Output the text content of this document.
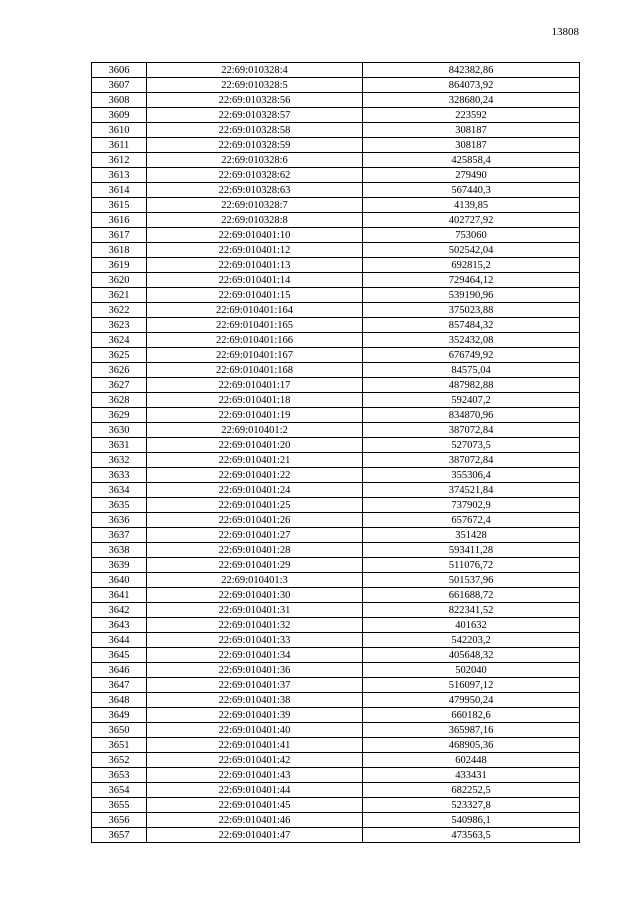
13808
3606	22:69:010328:4	842382,86
3607	22:69:010328:5	864073,92
3608	22:69:010328:56	328680,24
3609	22:69:010328:57	223592
3610	22:69:010328:58	308187
3611	22:69:010328:59	308187
3612	22:69:010328:6	425858,4
3613	22:69:010328:62	279490
3614	22:69:010328:63	567440,3
3615	22:69:010328:7	4139,85
3616	22:69:010328:8	402727,92
3617	22:69:010401:10	753060
3618	22:69:010401:12	502542,04
3619	22:69:010401:13	692815,2
3620	22:69:010401:14	729464,12
3621	22:69:010401:15	539190,96
3622	22:69:010401:164	375023,88
3623	22:69:010401:165	857484,32
3624	22:69:010401:166	352432,08
3625	22:69:010401:167	676749,92
3626	22:69:010401:168	84575,04
3627	22:69:010401:17	487982,88
3628	22:69:010401:18	592407,2
3629	22:69:010401:19	834870,96
3630	22:69:010401:2	387072,84
3631	22:69:010401:20	527073,5
3632	22:69:010401:21	387072,84
3633	22:69:010401:22	355306,4
3634	22:69:010401:24	374521,84
3635	22:69:010401:25	737902,9
3636	22:69:010401:26	657672,4
3637	22:69:010401:27	351428
3638	22:69:010401:28	593411,28
3639	22:69:010401:29	511076,72
3640	22:69:010401:3	501537,96
3641	22:69:010401:30	661688,72
3642	22:69:010401:31	822341,52
3643	22:69:010401:32	401632
3644	22:69:010401:33	542203,2
3645	22:69:010401:34	405648,32
3646	22:69:010401:36	502040
3647	22:69:010401:37	516097,12
3648	22:69:010401:38	479950,24
3649	22:69:010401:39	660182,6
3650	22:69:010401:40	365987,16
3651	22:69:010401:41	468905,36
3652	22:69:010401:42	602448
3653	22:69:010401:43	433431
3654	22:69:010401:44	682252,5
3655	22:69:010401:45	523327,8
3656	22:69:010401:46	540986,1
3657	22:69:010401:47	473563,5
